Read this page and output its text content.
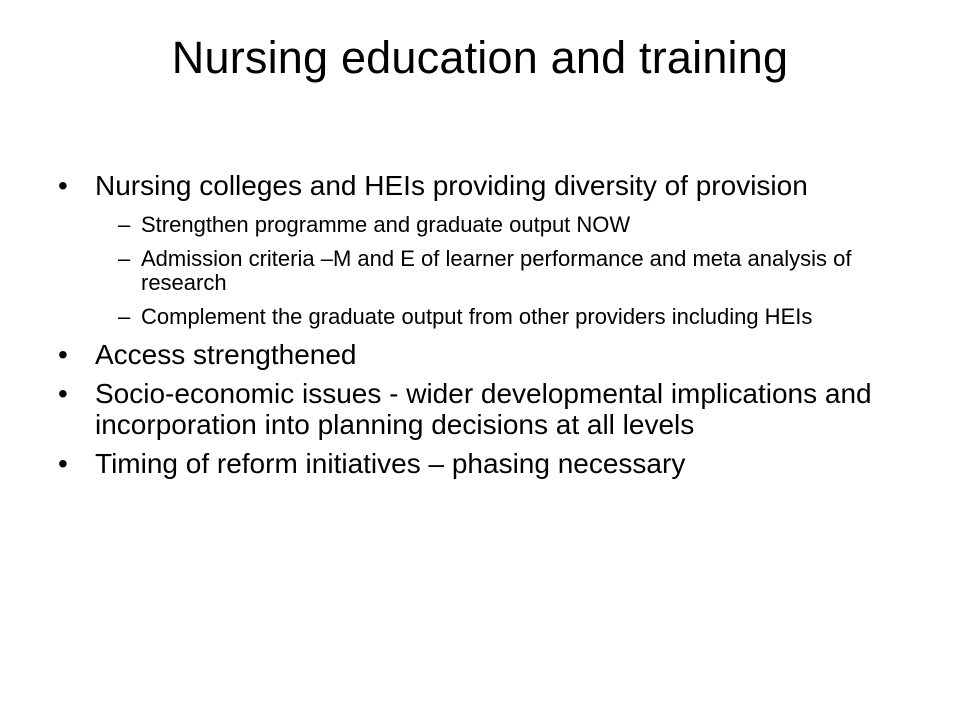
Nursing education and training
• Nursing colleges and HEIs providing diversity of provision
– Strengthen programme and graduate output NOW
– Admission criteria –M and E of learner performance and meta analysis of research
– Complement the graduate output from other providers including HEIs
• Access strengthened
• Socio-economic issues - wider developmental implications and incorporation into planning decisions at all levels
• Timing of reform initiatives – phasing necessary
